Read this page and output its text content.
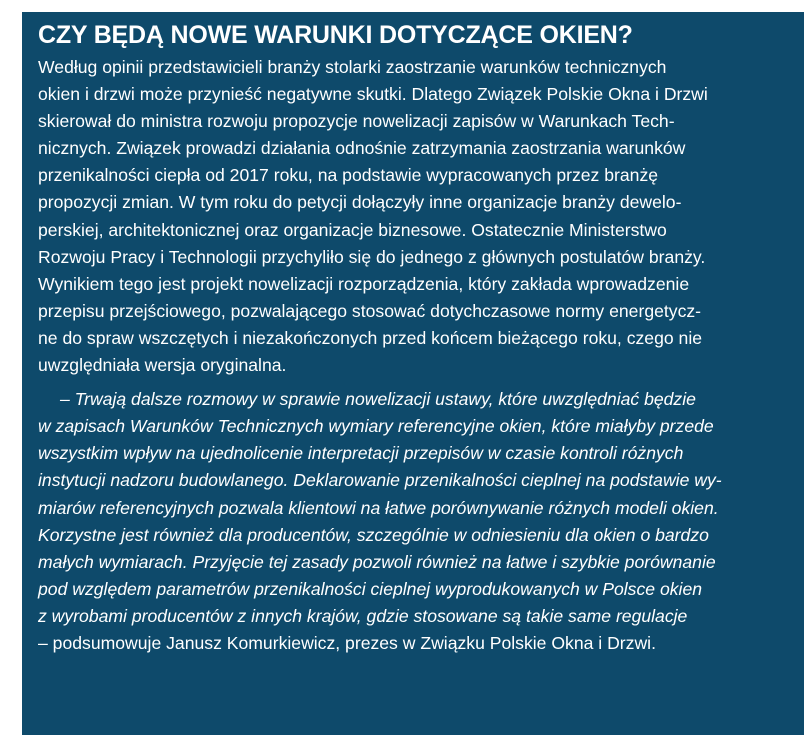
CZY BĘDĄ NOWE WARUNKI DOTYCZĄCE OKIEN?
Według opinii przedstawicieli branży stolarki zaostrzanie warunków technicznych
okien i drzwi może przynieść negatywne skutki. Dlatego Związek Polskie Okna i Drzwi
skierował do ministra rozwoju propozycje nowelizacji zapisów w Warunkach Tech-
nicznych. Związek prowadzi działania odnośnie zatrzymania zaostrzania warunków
przenikalności ciepła od 2017 roku, na podstawie wypracowanych przez branżę
propozycji zmian. W tym roku do petycji dołączyły inne organizacje branży dewelo-
perskiej, architektonicznej oraz organizacje biznesowe. Ostatecznie Ministerstwo
Rozwoju Pracy i Technologii przychyliło się do jednego z głównych postulatów branży.
Wynikiem tego jest projekt nowelizacji rozporządzenia, który zakłada wprowadzenie
przepisu przejściowego, pozwalającego stosować dotychczasowe normy energetycz-
ne do spraw wszczętych i niezakończonych przed końcem bieżącego roku, czego nie
uwzględniała wersja oryginalna.
– Trwają dalsze rozmowy w sprawie nowelizacji ustawy, które uwzględniać będzie
w zapisach Warunków Technicznych wymiary referencyjne okien, które miałyby przede
wszystkim wpływ na ujednolicenie interpretacji przepisów w czasie kontroli różnych
instytucji nadzoru budowlanego. Deklarowanie przenikalności cieplnej na podstawie wy-
miarów referencyjnych pozwala klientowi na łatwe porównywanie różnych modeli okien.
Korzystne jest również dla producentów, szczególnie w odniesieniu dla okien o bardzo
małych wymiarach. Przyjęcie tej zasady pozwoli również na łatwe i szybkie porównanie
pod względem parametrów przenikalności cieplnej wyprodukowanych w Polsce okien
z wyrobami producentów z innych krajów, gdzie stosowane są takie same regulacje
– podsumowuje Janusz Komurkiewicz, prezes w Związku Polskie Okna i Drzwi.
